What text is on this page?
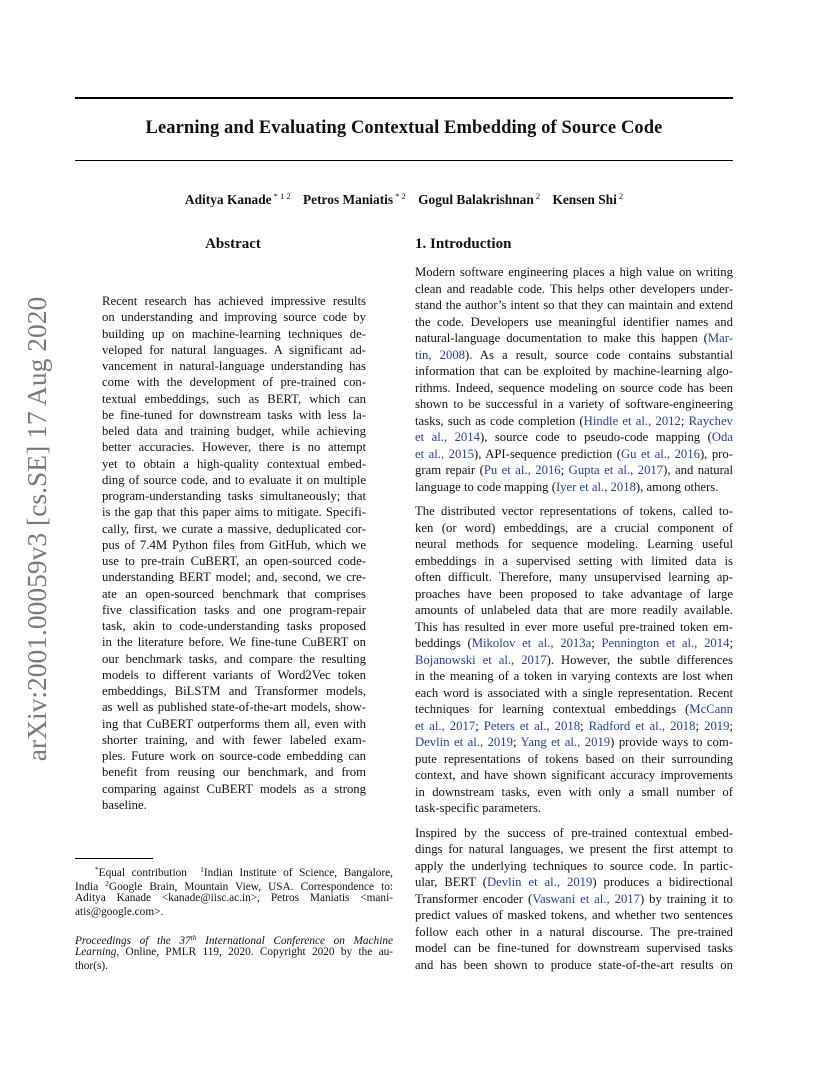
arXiv:2001.00059v3 [cs.SE] 17 Aug 2020
Learning and Evaluating Contextual Embedding of Source Code
Aditya Kanade $^{* 1 2}$ Petros Maniatis $^{* 2}$ Gogul Balakrishnan $^2$ Kensen Shi $^2$
Abstract
Recent research has achieved impressive results
on understanding and improving source code by
building up on machine-learning techniques de-
veloped for natural languages. A significant ad-
vancement in natural-language understanding has
come with the development of pre-trained con-
textual embeddings, such as BERT, which can
be fine-tuned for downstream tasks with less la-
beled data and training budget, while achieving
better accuracies. However, there is no attempt
yet to obtain a high-quality contextual embed-
ding of source code, and to evaluate it on multiple
program-understanding tasks simultaneously; that
is the gap that this paper aims to mitigate. Specifi-
cally, first, we curate a massive, deduplicated cor-
pus of 7.4M Python files from GitHub, which we
use to pre-train CuBERT, an open-sourced code-
understanding BERT model; and, second, we cre-
ate an open-sourced benchmark that comprises
five classification tasks and one program-repair
task, akin to code-understanding tasks proposed
in the literature before. We fine-tune CuBERT on
our benchmark tasks, and compare the resulting
models to different variants of Word2Vec token
embeddings, BiLSTM and Transformer models,
as well as published state-of-the-art models, show-
ing that CuBERT outperforms them all, even with
shorter training, and with fewer labeled exam-
ples. Future work on source-code embedding can
benefit from reusing our benchmark, and from
comparing against CuBERT models as a strong
baseline.
*Equal contribution $^1$Indian Institute of Science, Bangalore,
India $^2$Google Brain, Mountain View, USA. Correspondence to:
Aditya Kanade <kanade@iisc.ac.in>, Petros Maniatis <mani-
atis@google.com>.
Proceedings of the 37th International Conference on Machine
Learning, Online, PMLR 119, 2020. Copyright 2020 by the au-
thor(s).
1. Introduction
Modern software engineering places a high value on writing
clean and readable code. This helps other developers under-
stand the author’s intent so that they can maintain and extend
the code. Developers use meaningful identifier names and
natural-language documentation to make this happen (Mar-
tin, 2008). As a result, source code contains substantial
information that can be exploited by machine-learning algo-
rithms. Indeed, sequence modeling on source code has been
shown to be successful in a variety of software-engineering
tasks, such as code completion (Hindle et al., 2012; Raychev
et al., 2014), source code to pseudo-code mapping (Oda
et al., 2015), API-sequence prediction (Gu et al., 2016), pro-
gram repair (Pu et al., 2016; Gupta et al., 2017), and natural
language to code mapping (Iyer et al., 2018), among others.
The distributed vector representations of tokens, called to-
ken (or word) embeddings, are a crucial component of
neural methods for sequence modeling. Learning useful
embeddings in a supervised setting with limited data is
often difficult. Therefore, many unsupervised learning ap-
proaches have been proposed to take advantage of large
amounts of unlabeled data that are more readily available.
This has resulted in ever more useful pre-trained token em-
beddings (Mikolov et al., 2013a; Pennington et al., 2014;
Bojanowski et al., 2017). However, the subtle differences
in the meaning of a token in varying contexts are lost when
each word is associated with a single representation. Recent
techniques for learning contextual embeddings (McCann
et al., 2017; Peters et al., 2018; Radford et al., 2018; 2019;
Devlin et al., 2019; Yang et al., 2019) provide ways to com-
pute representations of tokens based on their surrounding
context, and have shown significant accuracy improvements
in downstream tasks, even with only a small number of
task-specific parameters.
Inspired by the success of pre-trained contextual embed-
dings for natural languages, we present the first attempt to
apply the underlying techniques to source code. In partic-
ular, BERT (Devlin et al., 2019) produces a bidirectional
Transformer encoder (Vaswani et al., 2017) by training it to
predict values of masked tokens, and whether two sentences
follow each other in a natural discourse. The pre-trained
model can be fine-tuned for downstream supervised tasks
and has been shown to produce state-of-the-art results on
